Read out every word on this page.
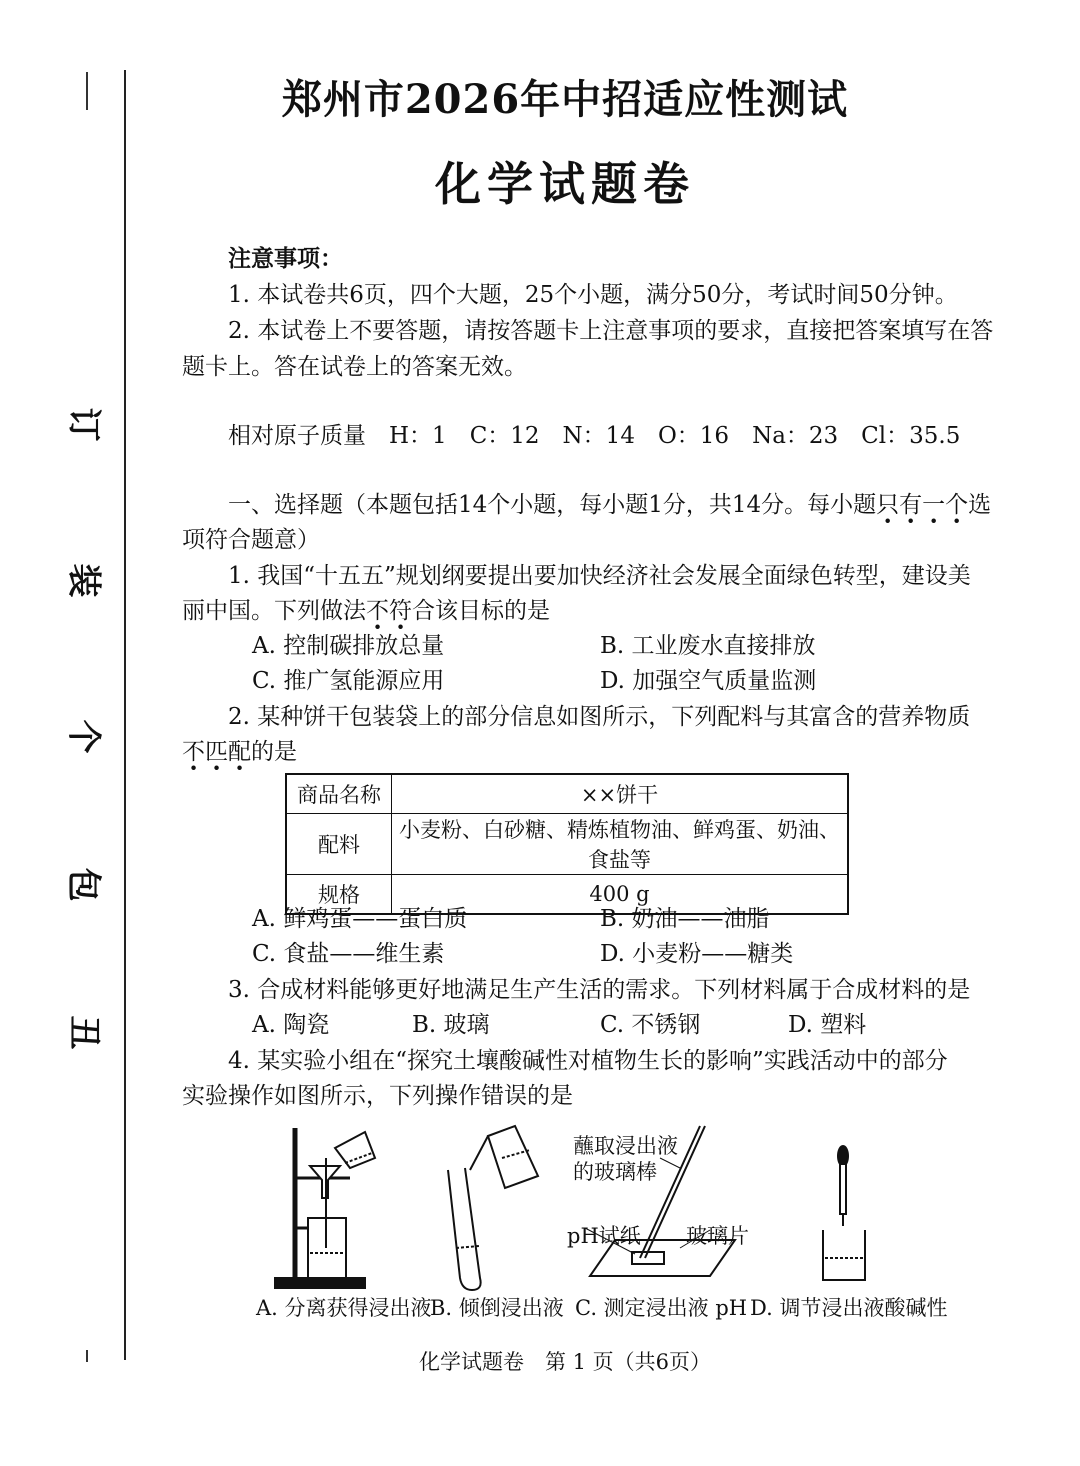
订
装
个
包
丑
郑州市2026年中招适应性测试
化学试题卷
注意事项：
1. 本试卷共6页，四个大题，25个小题，满分50分，考试时间50分钟。
2. 本试卷上不要答题，请按答题卡上注意事项的要求，直接把答案填写在答
题卡上。答在试卷上的答案无效。
相对原子质量　H：1　C：12　N：14　O：16　Na：23　Cl：35.5
一、选择题（本题包括14个小题，每小题1分，共14分。每小题只有一个选
项符合题意）
1. 我国“十五五”规划纲要提出要加快经济社会发展全面绿色转型，建设美
丽中国。下列做法不符合该目标的是
A. 控制碳排放总量	B. 工业废水直接排放
C. 推广氢能源应用	D. 加强空气质量监测
2. 某种饼干包装袋上的部分信息如图所示，下列配料与其富含的营养物质
不匹配的是
商品名称	××饼干
配料	小麦粉、白砂糖、精炼植物油、鲜鸡蛋、奶油、食盐等
规格	400 g
A. 鲜鸡蛋——蛋白质	B. 奶油——油脂
C. 食盐——维生素	D. 小麦粉——糖类
3. 合成材料能够更好地满足生产生活的需求。下列材料属于合成材料的是
A. 陶瓷	B. 玻璃	C. 不锈钢	D. 塑料
4. 某实验小组在“探究土壤酸碱性对植物生长的影响”实践活动中的部分
实验操作如图所示，下列操作错误的是
蘸取浸出液
的玻璃棒
pH试纸 玻璃片
A. 分离获得浸出液
B. 倾倒浸出液 C. 测定浸出液 pH D. 调节浸出液酸碱性
化学试题卷　第 1 页（共6页）
